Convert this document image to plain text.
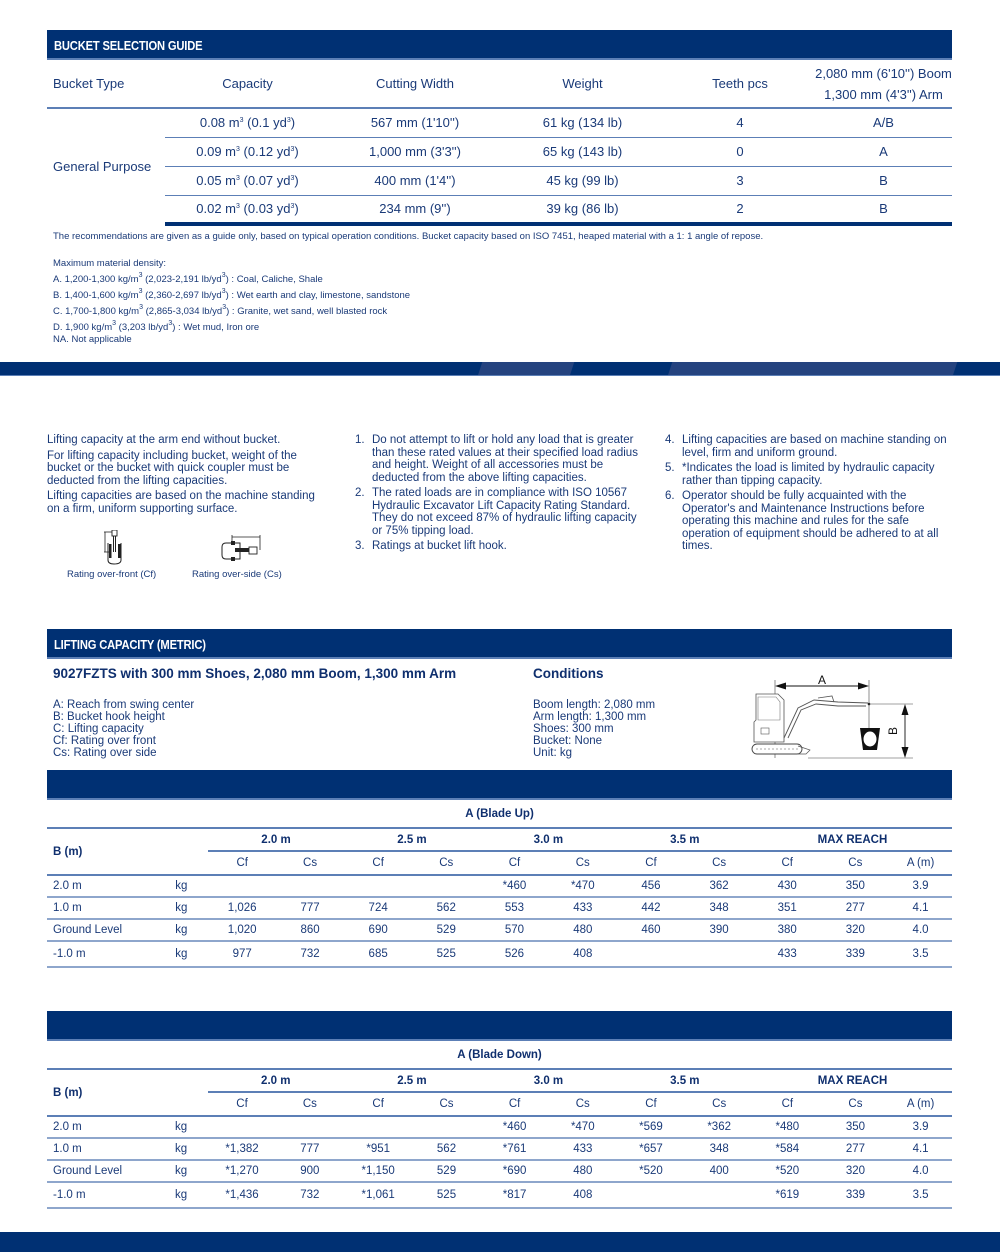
BUCKET SELECTION GUIDE
Bucket Type	Capacity	Cutting Width	Weight	Teeth pcs	2,080 mm (6'10'') Boom
1,300 mm (4'3'') Arm

General Purpose	0.08 $m^3$ (0.1 $yd^3$)	567 mm (1'10'')	61 kg (134 lb)	4	A/B
	0.09 $m^3$ (0.12 $yd^3$)	1,000 mm (3'3'')	65 kg (143 lb)	0	A
	0.05 $m^3$ (0.07 $yd^3$)	400 mm (1'4'')	45 kg (99 lb)	3	B
	0.02 $m^3$ (0.03 $yd^3$)	234 mm (9'')	39 kg (86 lb)	2	B
The recommendations are given as a guide only, based on typical operation conditions. Bucket capacity based on ISO 7451, heaped material with a 1: 1 angle of repose.
Maximum material density:
A. 1,200-1,300 $kg/m^3$ (2,023-2,191 $lb/yd^3$) : Coal, Caliche, Shale
B. 1,400-1,600 $kg/m^3$ (2,360-2,697 $lb/yd^3$) : Wet earth and clay, limestone, sandstone
C. 1,700-1,800 $kg/m^3$ (2,865-3,034 $lb/yd^3$) : Granite, wet sand, well blasted rock
D. 1,900 $kg/m^3$ (3,203 $lb/yd^3$) : Wet mud, Iron ore
NA. Not applicable

Lifting capacity at the arm end without bucket.

For lifting capacity including bucket, weight of the bucket or the bucket with quick coupler must be deducted from the lifting capacities.

Lifting capacities are based on the machine standing on a firm, uniform supporting surface.

Rating over-front (Cf)	Rating over-side (Cs)
1. Do not attempt to lift or hold any load that is greater than these rated values at their specified load radius and height. Weight of all accessories must be deducted from the above lifting capacities.
2. The rated loads are in compliance with ISO 10567 Hydraulic Excavator Lift Capacity Rating Standard. They do not exceed 87% of hydraulic lifting capacity or 75% tipping load.
3. Ratings at bucket lift hook.
4. Lifting capacities are based on machine standing on level, firm and uniform ground.
5. *Indicates the load is limited by hydraulic capacity rather than tipping capacity.
6. Operator should be fully acquainted with the Operator's and Maintenance Instructions before operating this machine and rules for the safe operation of equipment should be adhered to at all times.
LIFTING CAPACITY (METRIC)
9027FZTS with 300 mm Shoes, 2,080 mm Boom, 1,300 mm Arm
A: Reach from swing center
B: Bucket hook height
C: Lifting capacity
Cf: Rating over front
Cs: Rating over side
Conditions
Boom length: 2,080 mm
Arm length: 1,300 mm
Shoes: 300 mm
Bucket: None
Unit: kg
A
B
A (Blade Up)
B (m)		2.0 m		2.5 m		3.0 m		3.5 m		MAX REACH		
		Cf	Cs	Cf	Cs	Cf	Cs	Cf	Cs	Cf	Cs	A (m)
2.0 m	kg					*460	*470	456	362	430	350	3.9
1.0 m	kg	1,026	777	724	562	553	433	442	348	351	277	4.1
Ground Level	kg	1,020	860	690	529	570	480	460	390	380	320	4.0
-1.0 m	kg	977	732	685	525	526	408			433	339	3.5
A (Blade Down)
B (m)		2.0 m		2.5 m		3.0 m		3.5 m		MAX REACH		
		Cf	Cs	Cf	Cs	Cf	Cs	Cf	Cs	Cf	Cs	A (m)
2.0 m	kg					*460	*470	*569	*362	*480	350	3.9
1.0 m	kg	*1,382	777	*951	562	*761	433	*657	348	*584	277	4.1
Ground Level	kg	*1,270	900	*1,150	529	*690	480	*520	400	*520	320	4.0
-1.0 m	kg	*1,436	732	*1,061	525	*817	408			*619	339	3.5
